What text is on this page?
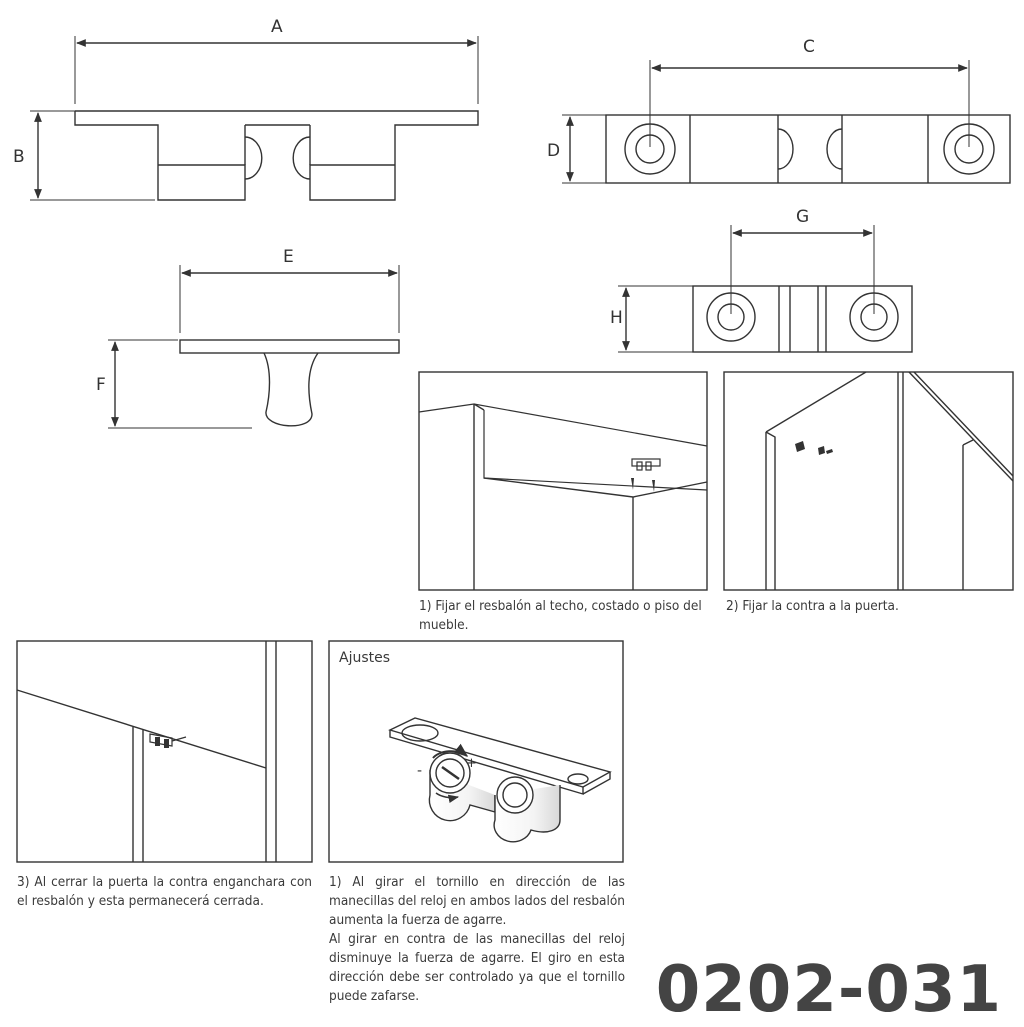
A
B
C
D
E
F
G
H
-	+
1) Fijar el resbalón al techo, costado o piso del mueble.
2) Fijar la contra a la puerta.
3) Al cerrar la puerta la contra enganchara con el resbalón y esta permanecerá cerrada.
Ajustes
1) Al girar el tornillo en dirección de las manecillas del reloj en ambos lados del resbalón aumenta la fuerza de agarre.
Al girar en contra de las manecillas del reloj disminuye la fuerza de agarre. El giro en esta dirección debe ser controlado ya que el tornillo puede zafarse.	0202-031
